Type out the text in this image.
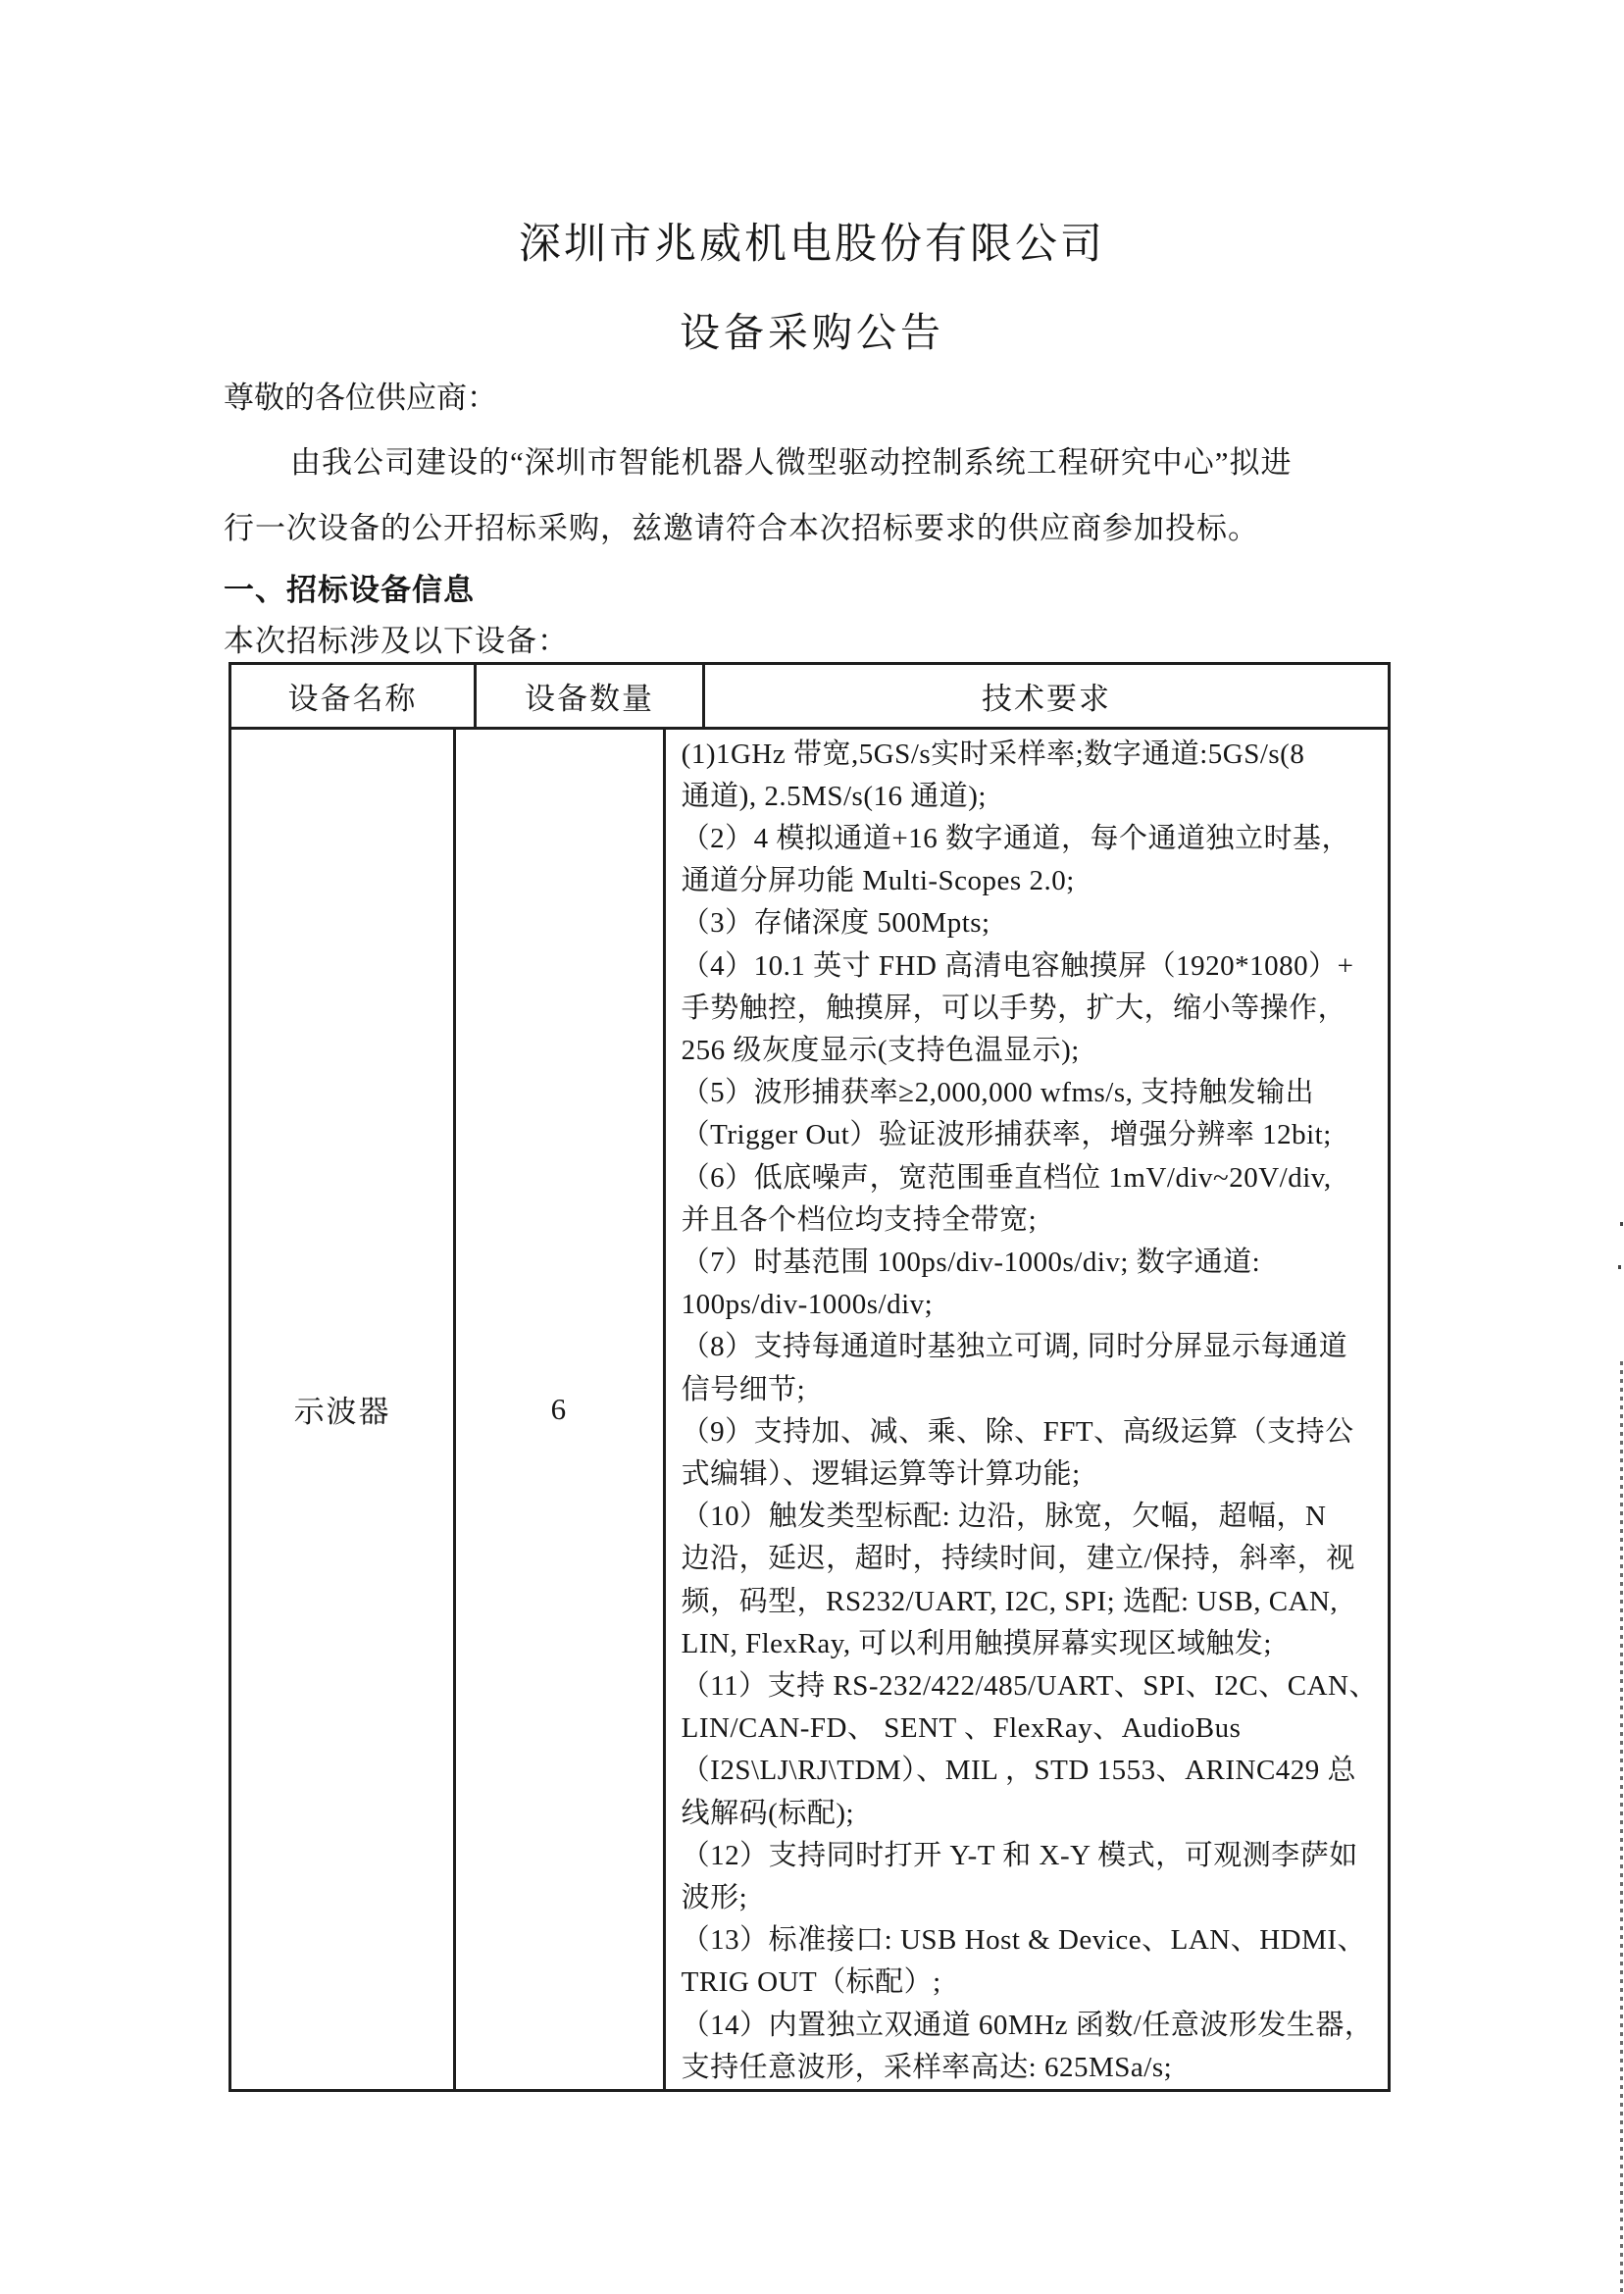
深圳市兆威机电股份有限公司
设备采购公告
尊敬的各位供应商：
由我公司建设的“深圳市智能机器人微型驱动控制系统工程研究中心”拟进
行一次设备的公开招标采购，兹邀请符合本次招标要求的供应商参加投标。
一、招标设备信息
本次招标涉及以下设备：
设备名称	设备数量	技术要求
示波器	6
(1)1GHz 带宽,5GS/s实时采样率;数字通道:5GS/s(8
通道), 2.5MS/s(16 通道);
（2）4 模拟通道+16 数字通道，每个通道独立时基，
通道分屏功能 Multi-Scopes 2.0;
（3）存储深度 500Mpts;
（4）10.1 英寸 FHD 高清电容触摸屏（1920*1080）+
手势触控，触摸屏，可以手势，扩大，缩小等操作，
256 级灰度显示(支持色温显示);
（5）波形捕获率≥2,000,000 wfms/s, 支持触发输出
（Trigger Out）验证波形捕获率，增强分辨率 12bit;
（6）低底噪声，宽范围垂直档位 1mV/div~20V/div,
并且各个档位均支持全带宽;
（7）时基范围 100ps/div-1000s/div; 数字通道:
100ps/div-1000s/div;
（8）支持每通道时基独立可调, 同时分屏显示每通道
信号细节;
（9）支持加、减、乘、除、FFT、高级运算（支持公
式编辑）、逻辑运算等计算功能;
（10）触发类型标配: 边沿，脉宽，欠幅，超幅，N
边沿，延迟，超时，持续时间，建立/保持，斜率，视
频，码型，RS232/UART, I2C, SPI; 选配: USB, CAN,
LIN, FlexRay, 可以利用触摸屏幕实现区域触发;
（11）支持 RS-232/422/485/UART、SPI、I2C、CAN、
LIN/CAN-FD、 SENT 、FlexRay、AudioBus
（I2S\LJ\RJ\TDM）、MIL ，STD 1553、ARINC429 总
线解码(标配);
（12）支持同时打开 Y-T 和 X-Y 模式，可观测李萨如
波形;
（13）标准接口: USB Host & Device、LAN、HDMI、
TRIG OUT（标配）;
（14）内置独立双通道 60MHz 函数/任意波形发生器，
支持任意波形，采样率高达: 625MSa/s;
